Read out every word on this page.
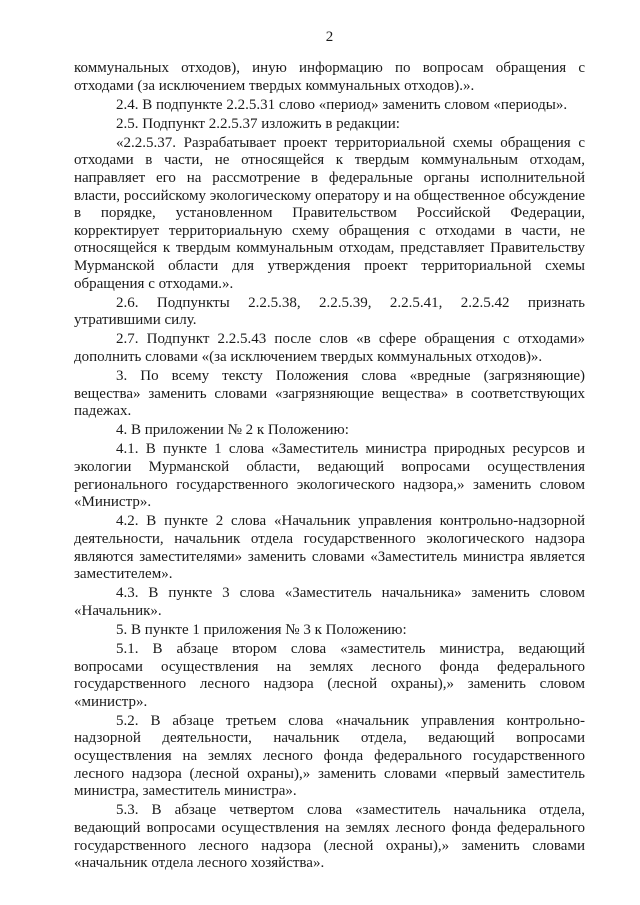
2

коммунальных отходов), иную информацию по вопросам обращения с отходами (за исключением твердых коммунальных отходов).».

2.4. В подпункте 2.2.5.31 слово «период» заменить словом «периоды».

2.5. Подпункт 2.2.5.37 изложить в редакции:

«2.2.5.37. Разрабатывает проект территориальной схемы обращения с отходами в части, не относящейся к твердым коммунальным отходам, направляет его на рассмотрение в федеральные органы исполнительной власти, российскому экологическому оператору и на общественное обсуждение в порядке, установленном Правительством Российской Федерации, корректирует территориальную схему обращения с отходами в части, не относящейся к твердым коммунальным отходам, представляет Правительству Мурманской области для утверждения проект территориальной схемы обращения с отходами.».

2.6. Подпункты 2.2.5.38, 2.2.5.39, 2.2.5.41, 2.2.5.42 признать утратившими силу.

2.7. Подпункт 2.2.5.43 после слов «в сфере обращения с отходами» дополнить словами «(за исключением твердых коммунальных отходов)».

3. По всему тексту Положения слова «вредные (загрязняющие) вещества» заменить словами «загрязняющие вещества» в соответствующих падежах.

4. В приложении № 2 к Положению:

4.1. В пункте 1 слова «Заместитель министра природных ресурсов и экологии Мурманской области, ведающий вопросами осуществления регионального государственного экологического надзора,» заменить словом «Министр».

4.2. В пункте 2 слова «Начальник управления контрольно-надзорной деятельности, начальник отдела государственного экологического надзора являются заместителями» заменить словами «Заместитель министра является заместителем».

4.3. В пункте 3 слова «Заместитель начальника» заменить словом «Начальник».

5. В пункте 1 приложения № 3 к Положению:

5.1. В абзаце втором слова «заместитель министра, ведающий вопросами осуществления на землях лесного фонда федерального государственного лесного надзора (лесной охраны),» заменить словом «министр».

5.2. В абзаце третьем слова «начальник управления контрольно-надзорной деятельности, начальник отдела, ведающий вопросами осуществления на землях лесного фонда федерального государственного лесного надзора (лесной охраны),» заменить словами «первый заместитель министра, заместитель министра».

5.3. В абзаце четвертом слова «заместитель начальника отдела, ведающий вопросами осуществления на землях лесного фонда федерального государственного лесного надзора (лесной охраны),» заменить словами «начальник отдела лесного хозяйства».
